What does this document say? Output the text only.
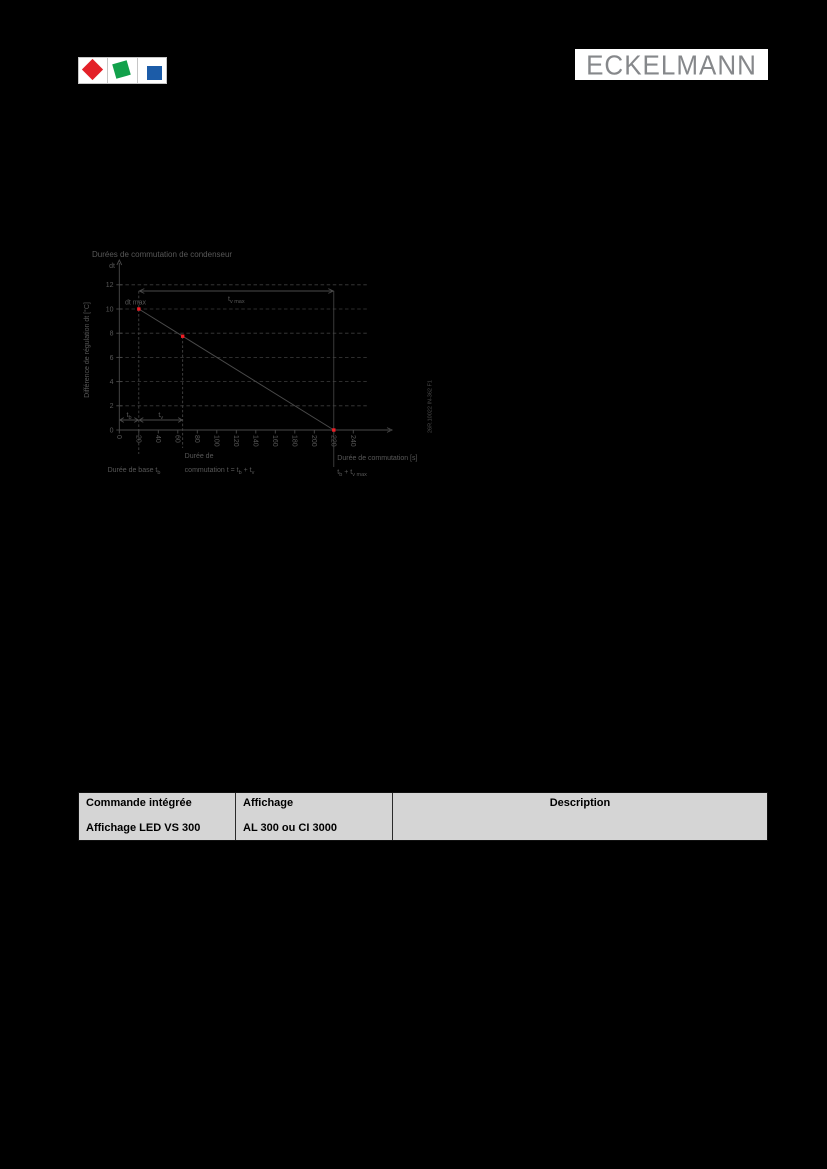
ECKELMANN
Durées de commutation de condenseur
Différence de régulation dt [°C]
dt
0
2
4
6
8
10
12
0 20 40 60 80 100 120 140 160 180 200 220 240
$t_{v max}$
$t_b$	$t_v$
dt max
Durée de base $t_b$
Durée de
commutation $t = t_b + t_v$
Durée de commutation [s]
$t_b + t_{v max}$
26R.10022 IN-362 F1
Commande intégrée
Affichage LED VS 300
Affichage
AL 300 ou CI 3000
Description
